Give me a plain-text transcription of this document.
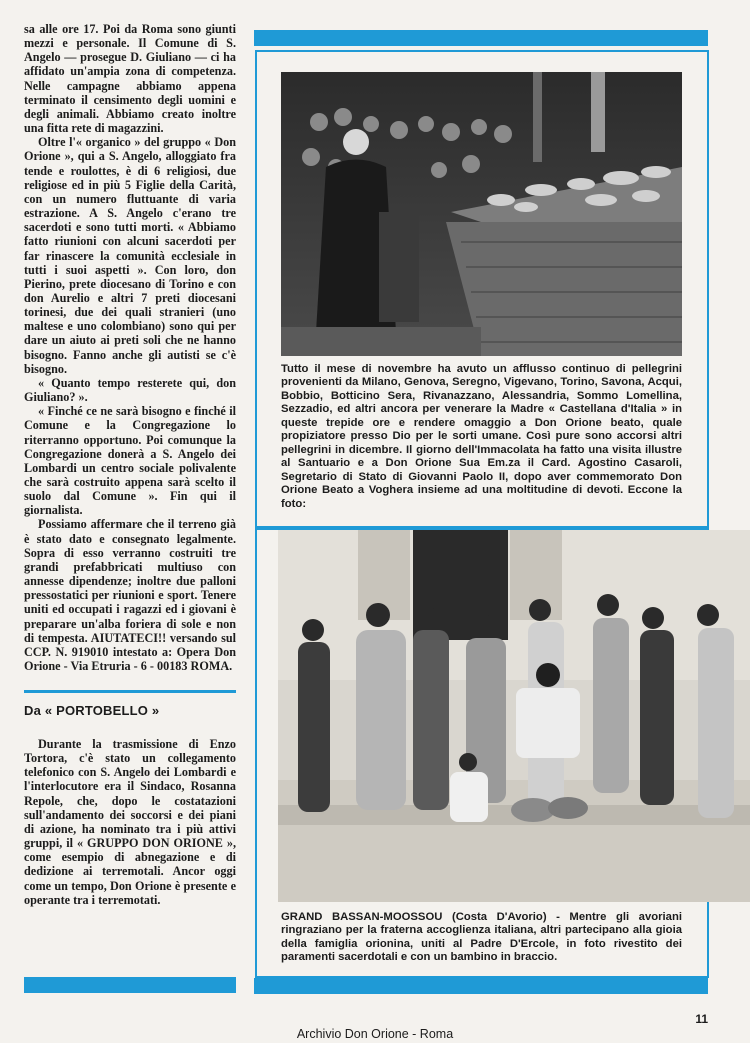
sa alle ore 17. Poi da Roma sono giunti mezzi e personale. Il Comune di S. Angelo — prosegue D. Giuliano — ci ha affidato un'ampia zona di competenza. Nelle campagne abbiamo appena terminato il censimento degli uomini e degli animali. Abbiamo creato inoltre una fitta rete di magazzini.

Oltre l'« organico » del gruppo « Don Orione », qui a S. Angelo, alloggiato fra tende e roulottes, è di 6 religiosi, due religiose ed in più 5 Figlie della Carità, con un numero fluttuante di varia estrazione. A S. Angelo c'erano tre sacerdoti e sono tutti morti. « Abbiamo fatto riunioni con alcuni sacerdoti per far rinascere la comunità ecclesiale in tutti i suoi aspetti ». Con loro, don Pierino, prete diocesano di Torino e con don Aurelio e altri 7 preti diocesani torinesi, due dei quali stranieri (uno maltese e uno colombiano) sono qui per dare un aiuto ai preti soli che ne hanno bisogno. Fanno anche gli autisti se c'è bisogno.

« Quanto tempo resterete qui, don Giuliano? ».

« Finché ce ne sarà bisogno e finché il Comune e la Congregazione lo riterranno opportuno. Poi comunque la Congregazione donerà a S. Angelo dei Lombardi un centro sociale polivalente che sarà costruito appena sarà scelto il suolo dal Comune ». Fin qui il giornalista.

Possiamo affermare che il terreno già è stato dato e consegnato legalmente. Sopra di esso verranno costruiti tre grandi prefabbricati multiuso con annesse dipendenze; inoltre due palloni pressostatici per riunioni e sport. Tenere uniti ed occupati i ragazzi ed i giovani è preparare un'alba foriera di sole e non di tempesta. AIUTATECI!! versando sul CCP. N. 919010 intestato a: Opera Don Orione - Via Etruria - 6 - 00183 ROMA.

Da « PORTOBELLO »

Durante la trasmissione di Enzo Tortora, c'è stato un collegamento telefonico con S. Angelo dei Lombardi e l'interlocutore era il Sindaco, Rosanna Repole, che, dopo le costatazioni sull'andamento dei soccorsi e dei piani di azione, ha nominato tra i più attivi gruppi, il « GRUPPO DON ORIONE », come esempio di abnegazione e di dedizione ai terremotali. Ancor oggi come un tempo, Don Orione è presente e operante tra i terremotati.

Tutto il mese di novembre ha avuto un afflusso continuo di pellegrini provenienti da Milano, Genova, Seregno, Vigevano, Torino, Savona, Acqui, Bobbio, Botticino Sera, Rivanazzano, Alessandria, Sommo Lomellina, Sezzadio, ed altri ancora per venerare la Madre « Castellana d'Italia » in queste trepide ore e rendere omaggio a Don Orione beato, quale propiziatore presso Dio per le sorti umane. Così pure sono accorsi altri pellegrini in dicembre. Il giorno dell'Immacolata ha fatto una visita illustre al Santuario e a Don Orione Sua Em.za il Card. Agostino Casaroli, Segretario di Stato di Giovanni Paolo II, dopo aver commemorato Don Orione Beato a Voghera insieme ad una moltitudine di devoti. Eccone la foto:
GRAND BASSAN-MOOSSOU (Costa D'Avorio) - Mentre gli avoriani ringraziano per la fraterna accoglienza italiana, altri partecipano alla gioia della famiglia orionina, uniti al Padre D'Ercole, in foto rivestito dei paramenti sacerdotali e con un bambino in braccio.
11
Archivio Don Orione - Roma
